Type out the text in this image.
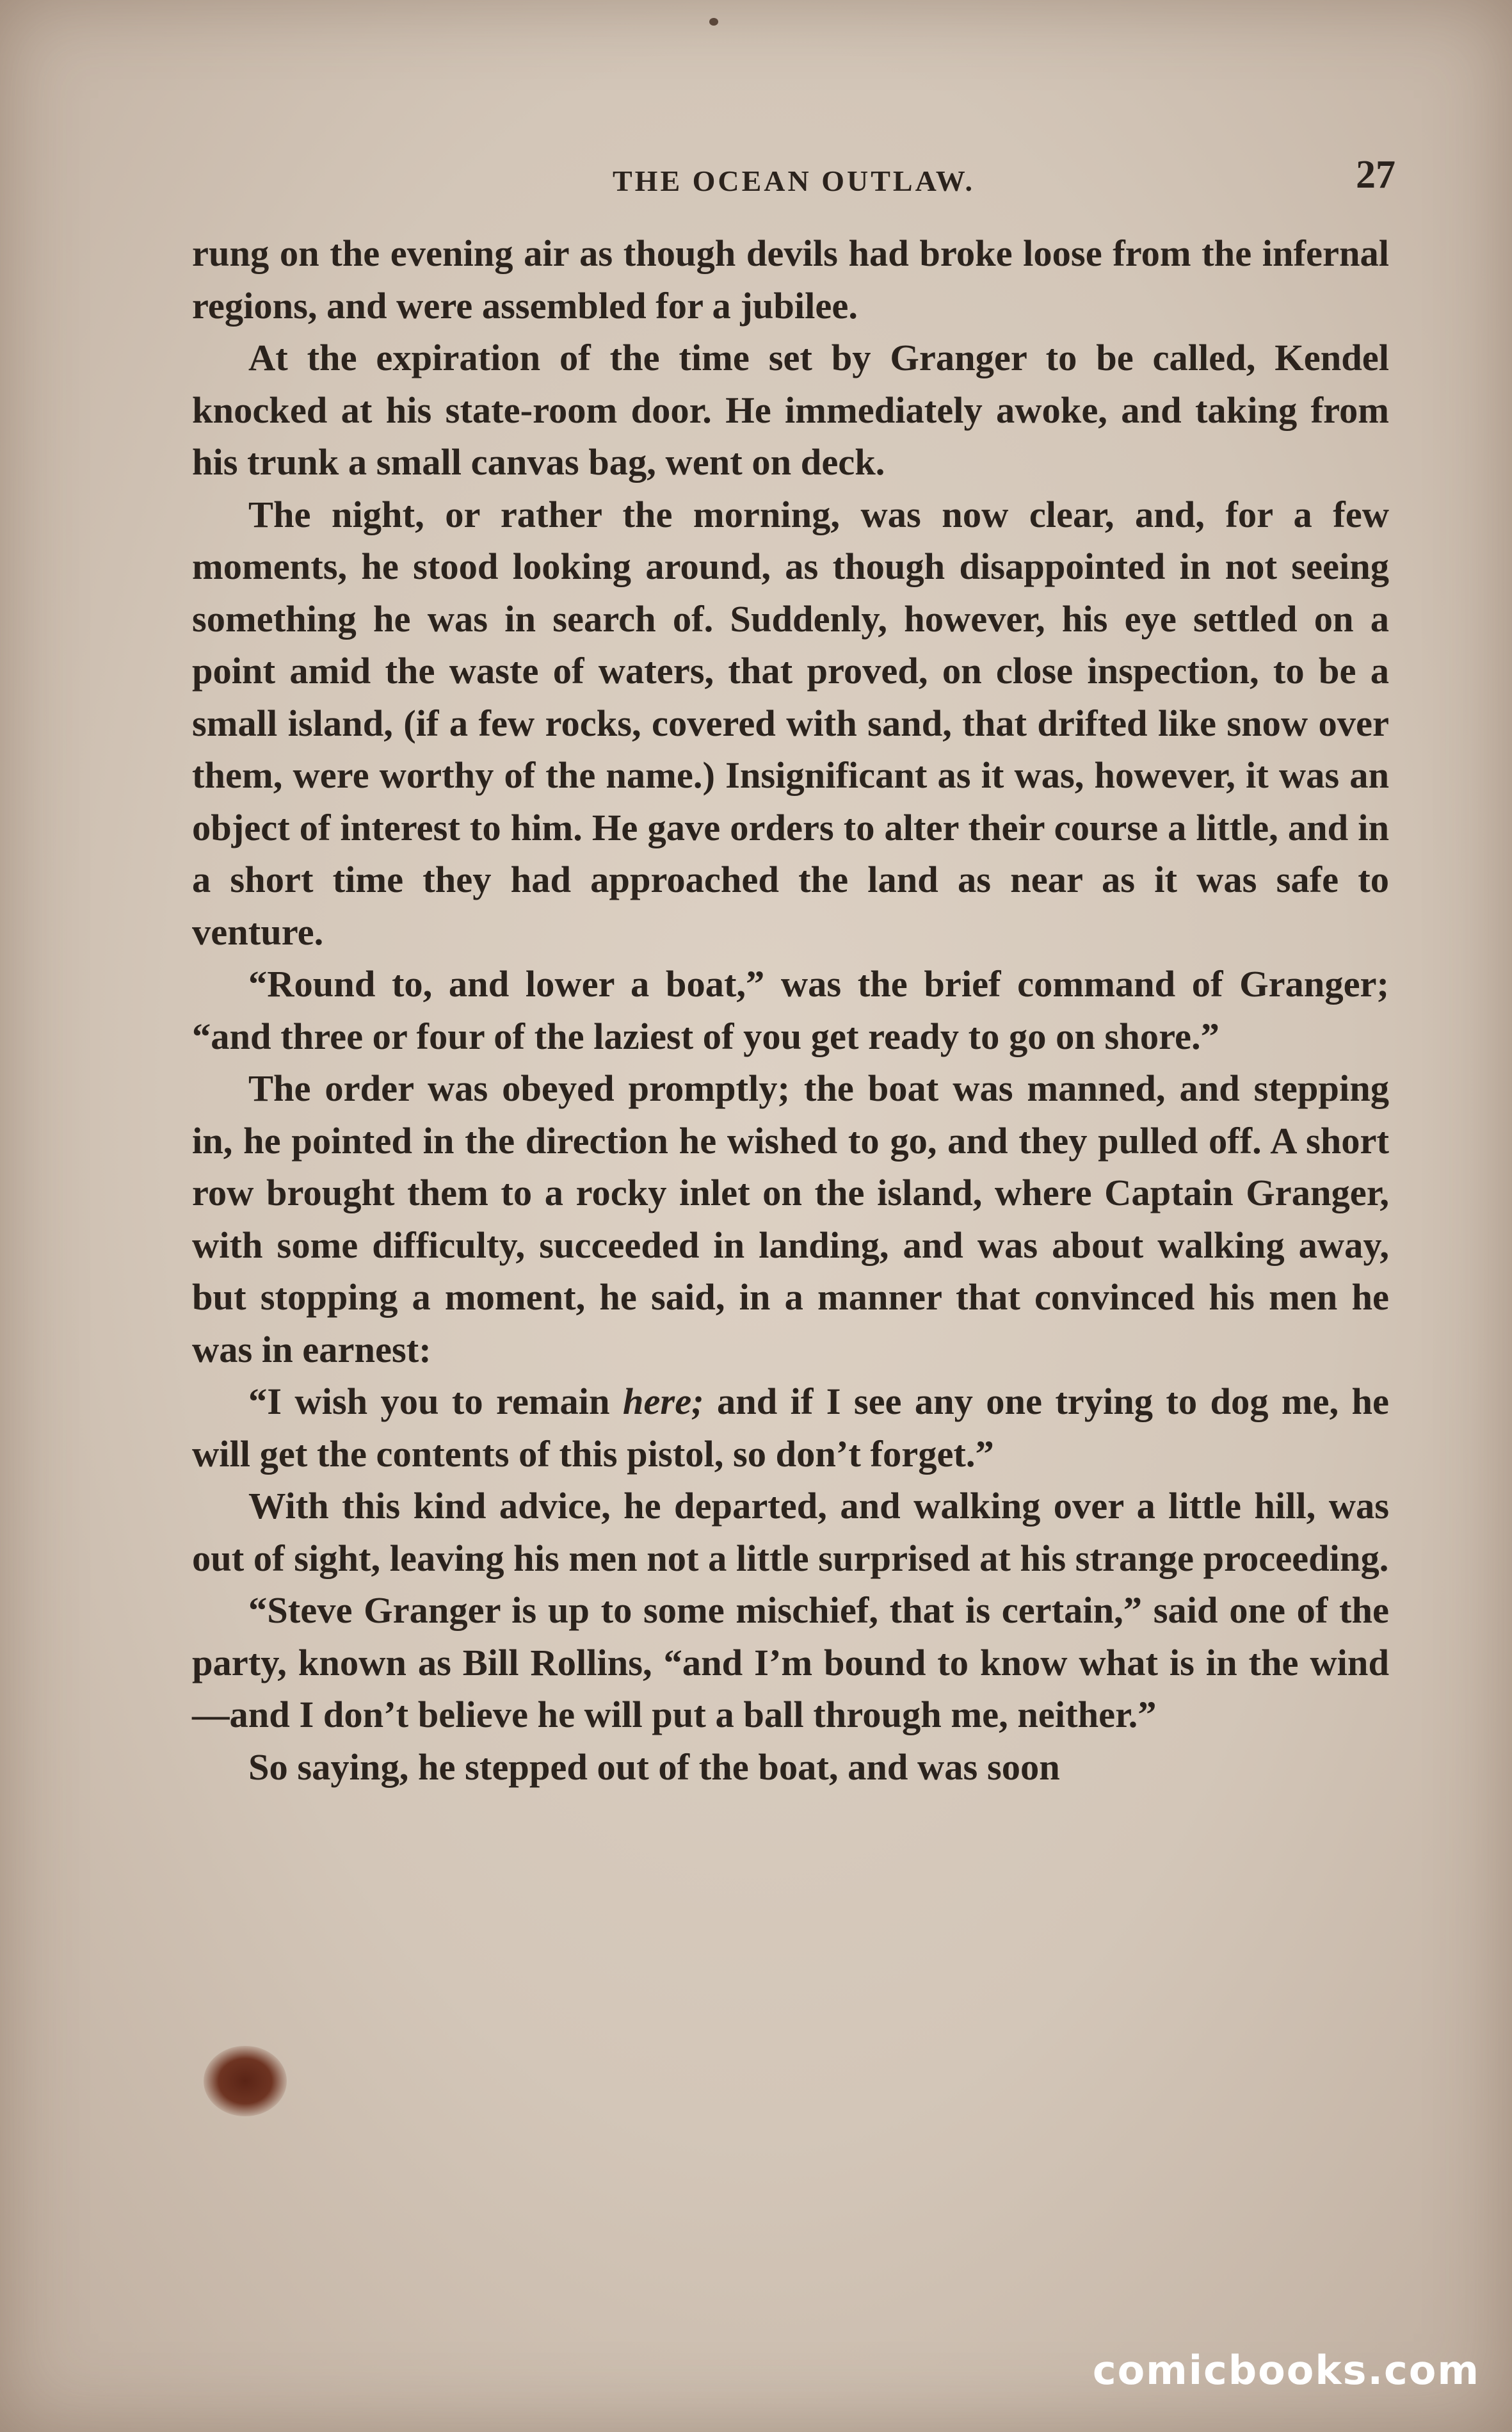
THE OCEAN OUTLAW.	27

rung on the evening air as though devils had broke loose from the infernal regions, and were assembled for a jubilee.

At the expiration of the time set by Granger to be called, Kendel knocked at his state-room door. He immediately awoke, and taking from his trunk a small canvas bag, went on deck.

The night, or rather the morning, was now clear, and, for a few moments, he stood looking around, as though disappointed in not seeing something he was in search of. Suddenly, however, his eye settled on a point amid the waste of waters, that proved, on close inspection, to be a small island, (if a few rocks, covered with sand, that drifted like snow over them, were worthy of the name.) Insignificant as it was, however, it was an object of interest to him. He gave orders to alter their course a little, and in a short time they had approached the land as near as it was safe to venture.

“Round to, and lower a boat,” was the brief command of Granger; “and three or four of the laziest of you get ready to go on shore.”

The order was obeyed promptly; the boat was manned, and stepping in, he pointed in the direction he wished to go, and they pulled off. A short row brought them to a rocky inlet on the island, where Captain Granger, with some difficulty, succeeded in landing, and was about walking away, but stopping a moment, he said, in a manner that convinced his men he was in earnest:

“I wish you to remain here; and if I see any one trying to dog me, he will get the contents of this pistol, so don’t forget.”

With this kind advice, he departed, and walking over a little hill, was out of sight, leaving his men not a little surprised at his strange proceeding.

“Steve Granger is up to some mischief, that is certain,” said one of the party, known as Bill Rollins, “and I’m bound to know what is in the wind—and I don’t believe he will put a ball through me, neither.”

So saying, he stepped out of the boat, and was soon

comicbooks.com
